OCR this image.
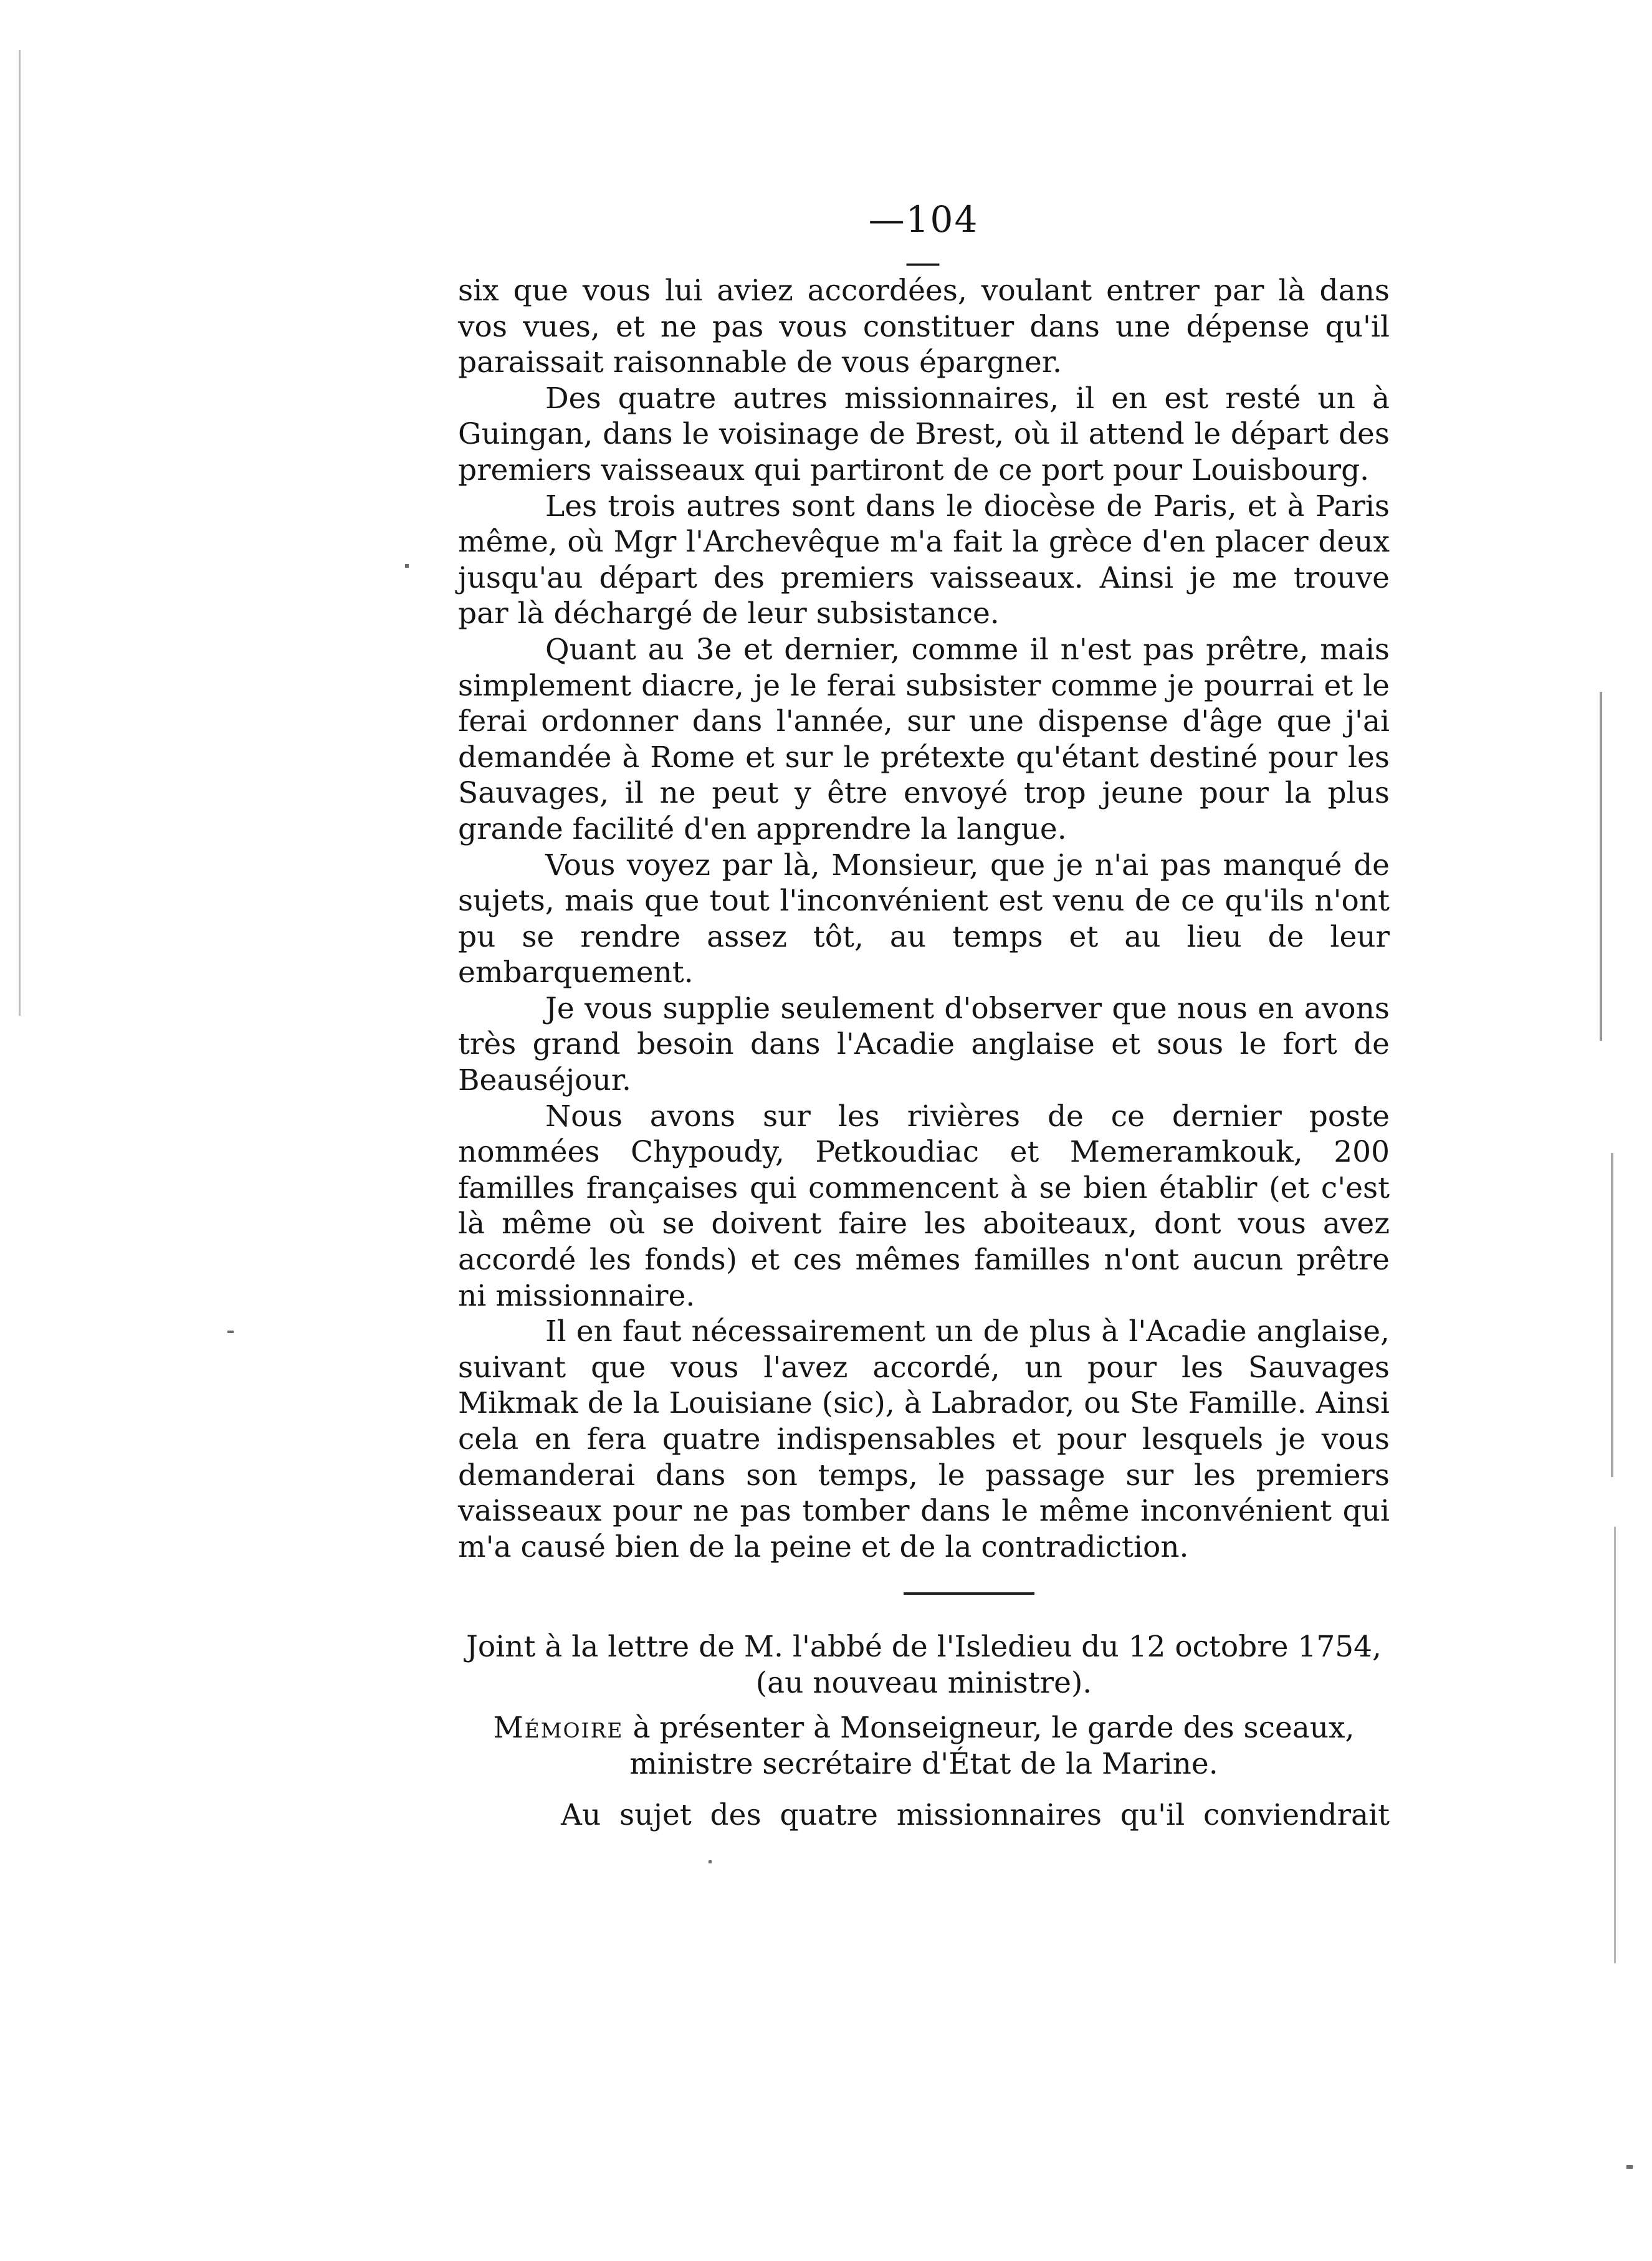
—104—

six que vous lui aviez accordées, voulant entrer par là dans vos vues, et ne pas vous constituer dans une dépense qu'il paraissait raisonnable de vous épargner.

Des quatre autres missionnaires, il en est resté un à Guingan, dans le voisinage de Brest, où il attend le départ des premiers vaisseaux qui partiront de ce port pour Louisbourg.

Les trois autres sont dans le diocèse de Paris, et à Paris même, où Mgr l'Archevêque m'a fait la grèce d'en placer deux jusqu'au départ des premiers vaisseaux. Ainsi je me trouve par là déchargé de leur subsistance.

Quant au 3e et dernier, comme il n'est pas prêtre, mais simplement diacre, je le ferai subsister comme je pourrai et le ferai ordonner dans l'année, sur une dispense d'âge que j'ai demandée à Rome et sur le prétexte qu'étant destiné pour les Sauvages, il ne peut y être envoyé trop jeune pour la plus grande facilité d'en apprendre la langue.

Vous voyez par là, Monsieur, que je n'ai pas manqué de sujets, mais que tout l'inconvénient est venu de ce qu'ils n'ont pu se rendre assez tôt, au temps et au lieu de leur embarquement.

Je vous supplie seulement d'observer que nous en avons très grand besoin dans l'Acadie anglaise et sous le fort de Beauséjour.

Nous avons sur les rivières de ce dernier poste nommées Chypoudy, Petkoudiac et Memeramkouk, 200 familles françaises qui commencent à se bien établir (et c'est là même où se doivent faire les aboiteaux, dont vous avez accordé les fonds) et ces mêmes familles n'ont aucun prêtre ni missionnaire.

Il en faut nécessairement un de plus à l'Acadie anglaise, suivant que vous l'avez accordé, un pour les Sauvages Mikmak de la Louisiane (sic), à Labrador, ou Ste Famille. Ainsi cela en fera quatre indispensables et pour lesquels je vous demanderai dans son temps, le passage sur les premiers vaisseaux pour ne pas tomber dans le même inconvénient qui m'a causé bien de la peine et de la contradiction.

Joint à la lettre de M. l'abbé de l'Isledieu du 12 octobre 1754, (au nouveau ministre).

Mémoire à présenter à Monseigneur, le garde des sceaux, ministre secrétaire d'État de la Marine.

Au sujet des quatre missionnaires qu'il conviendrait
